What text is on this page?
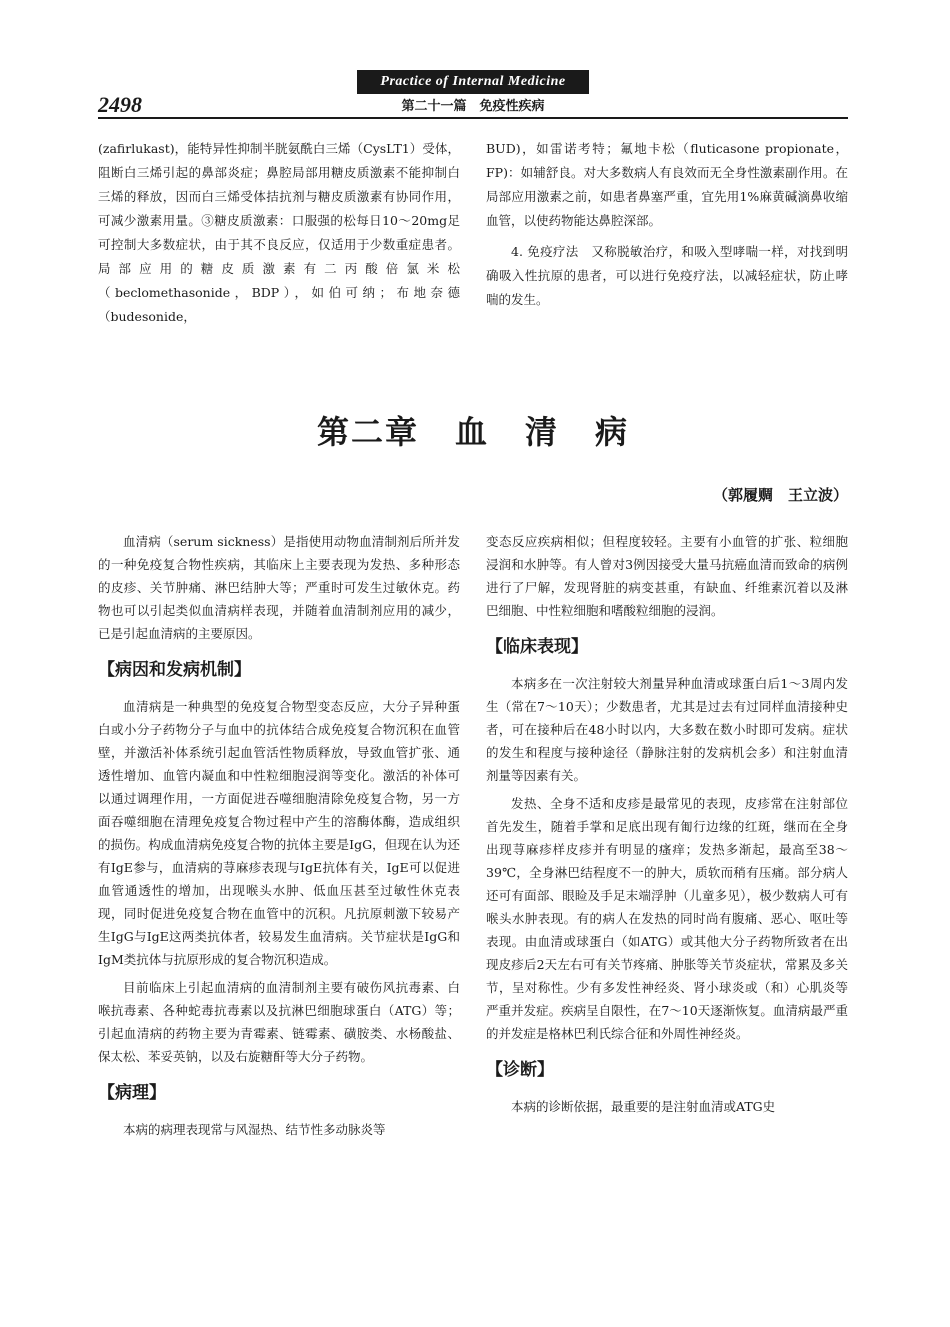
Practice of Internal Medicine
2498	第二十一篇　免疫性疾病

(zafirlukast)，能特异性抑制半胱氨酰白三烯（CysLT1）受体，阻断白三烯引起的鼻部炎症；鼻腔局部用糖皮质激素不能抑制白三烯的释放，因而白三烯受体拮抗剂与糖皮质激素有协同作用，可减少激素用量。③糖皮质激素：口服强的松每日10～20mg足可控制大多数症状，由于其不良反应，仅适用于少数重症患者。局部应用的糖皮质激素有二丙酸倍氯米松（beclomethasonide，BDP），如伯可纳；布地奈德（budesonide，

BUD)，如雷诺考特；氟地卡松（fluticasone propionate，FP)：如辅舒良。对大多数病人有良效而无全身性激素副作用。在局部应用激素之前，如患者鼻塞严重，宜先用1%麻黄碱滴鼻收缩血管，以使药物能达鼻腔深部。

4. 免疫疗法　又称脱敏治疗，和吸入型哮喘一样，对找到明确吸入性抗原的患者，可以进行免疫疗法，以减轻症状，防止哮喘的发生。

第二章 血 清 病
（郭履赒　王立波）

血清病（serum sickness）是指使用动物血清制剂后所并发的一种免疫复合物性疾病，其临床上主要表现为发热、多种形态的皮疹、关节肿痛、淋巴结肿大等；严重时可发生过敏休克。药物也可以引起类似血清病样表现，并随着血清制剂应用的减少，已是引起血清病的主要原因。

【病因和发病机制】

血清病是一种典型的免疫复合物型变态反应，大分子异种蛋白或小分子药物分子与血中的抗体结合成免疫复合物沉积在血管壁，并激活补体系统引起血管活性物质释放，导致血管扩张、通透性增加、血管内凝血和中性粒细胞浸润等变化。激活的补体可以通过调理作用，一方面促进吞噬细胞清除免疫复合物，另一方面吞噬细胞在清理免疫复合物过程中产生的溶酶体酶，造成组织的损伤。构成血清病免疫复合物的抗体主要是IgG，但现在认为还有IgE参与，血清病的荨麻疹表现与IgE抗体有关，IgE可以促进血管通透性的增加，出现喉头水肿、低血压甚至过敏性休克表现，同时促进免疫复合物在血管中的沉积。凡抗原刺激下较易产生IgG与IgE这两类抗体者，较易发生血清病。关节症状是IgG和IgM类抗体与抗原形成的复合物沉积造成。

目前临床上引起血清病的血清制剂主要有破伤风抗毒素、白喉抗毒素、各种蛇毒抗毒素以及抗淋巴细胞球蛋白（ATG）等；引起血清病的药物主要为青霉素、链霉素、磺胺类、水杨酸盐、保太松、苯妥英钠，以及右旋糖酐等大分子药物。

【病理】

本病的病理表现常与风湿热、结节性多动脉炎等

变态反应疾病相似；但程度较轻。主要有小血管的扩张、粒细胞浸润和水肿等。有人曾对3例因接受大量马抗癌血清而致命的病例进行了尸解，发现肾脏的病变甚重，有缺血、纤维素沉着以及淋巴细胞、中性粒细胞和嗜酸粒细胞的浸润。

【临床表现】

本病多在一次注射较大剂量异种血清或球蛋白后1～3周内发生（常在7～10天）；少数患者，尤其是过去有过同样血清接种史者，可在接种后在48小时以内，大多数在数小时即可发病。症状的发生和程度与接种途径（静脉注射的发病机会多）和注射血清剂量等因素有关。

发热、全身不适和皮疹是最常见的表现，皮疹常在注射部位首先发生，随着手掌和足底出现有匍行边缘的红斑，继而在全身出现荨麻疹样皮疹并有明显的瘙痒；发热多渐起，最高至38～39℃，全身淋巴结程度不一的肿大，质软而稍有压痛。部分病人还可有面部、眼睑及手足末端浮肿（儿童多见），极少数病人可有喉头水肿表现。有的病人在发热的同时尚有腹痛、恶心、呕吐等表现。由血清或球蛋白（如ATG）或其他大分子药物所致者在出现皮疹后2天左右可有关节疼痛、肿胀等关节炎症状，常累及多关节，呈对称性。少有多发性神经炎、肾小球炎或（和）心肌炎等严重并发症。疾病呈自限性，在7～10天逐渐恢复。血清病最严重的并发症是格林巴利氏综合征和外周性神经炎。

【诊断】

本病的诊断依据，最重要的是注射血清或ATG史
